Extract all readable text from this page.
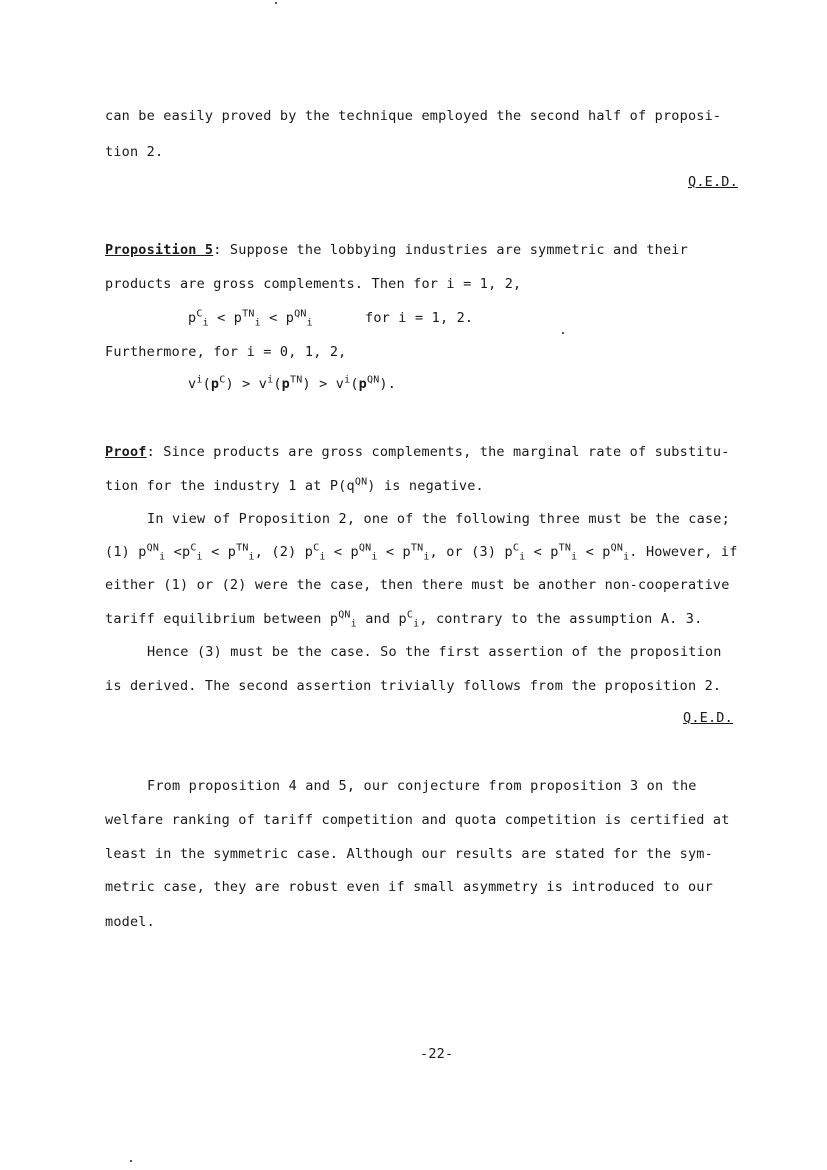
can be easily proved by the technique employed the second half of proposi-
tion 2.
Q.E.D.
Proposition 5: Suppose the lobbying industries are symmetric and their
products are gross complements. Then for i = 1, 2,
$p^C_i < p^{TN}_i < p^{QN}_i$	for i = 1, 2.
Furthermore, for i = 0, 1, 2,
$v^i(p^C) > v^i(p^{TN}) > v^i(p^{QN})$.
Proof: Since products are gross complements, the marginal rate of substitu-
tion for the industry 1 at $P(q^{QN})$ is negative.
In view of Proposition 2, one of the following three must be the case;
(1) $p^{QN}_i <p^C_i < p^{TN}_i$, (2) $p^C_i < p^{QN}_i < p^{TN}_i$, or (3) $p^C_i < p^{TN}_i < p^{QN}_i$. However, if
either (1) or (2) were the case, then there must be another non-cooperative
tariff equilibrium between $p^{QN}_i$ and $p^C_i$, contrary to the assumption A. 3.
Hence (3) must be the case. So the first assertion of the proposition
is derived. The second assertion trivially follows from the proposition 2.
Q.E.D.
From proposition 4 and 5, our conjecture from proposition 3 on the
welfare ranking of tariff competition and quota competition is certified at
least in the symmetric case. Although our results are stated for the sym-
metric case, they are robust even if small asymmetry is introduced to our
model.
-22-
